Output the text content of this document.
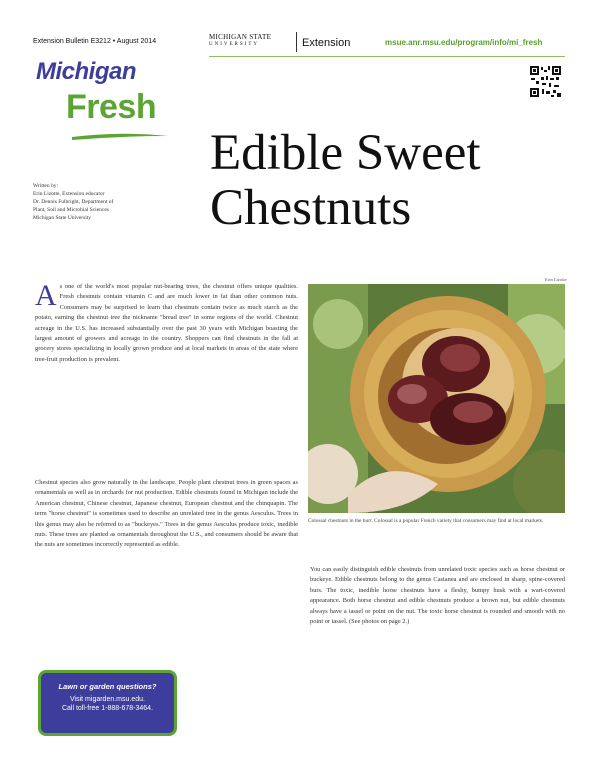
Extension Bulletin E3212 • August 2014
MICHIGAN STATE
UNIVERSITY	Extension	msue.anr.msu.edu/program/info/mi_fresh
Michigan
Fresh
Edible Sweet
Chestnuts
Written by:
Erin Lizotte, Extension educator
Dr. Dennis Fulbright, Department of
Plant, Soil and Microbial Sciences
Michigan State University
Erin Lizotte
As one of the world's most popular nut-bearing trees, the chestnut offers unique qualities. Fresh chestnuts contain vitamin C and are much lower in fat than other common nuts. Consumers may be surprised to learn that chestnuts contain twice as much starch as the potato, earning the chestnut tree the nickname "bread tree" in some regions of the world. Chestnut acreage in the U.S. has increased substantially over the past 30 years with Michigan boasting the largest amount of growers and acreage in the country. Shoppers can find chestnuts in the fall at grocery stores specializing in locally grown produce and at local markets in areas of the state where tree-fruit production is prevalent.
Chestnut species also grow naturally in the landscape. People plant chestnut trees in green spaces as ornamentals as well as in orchards for nut production. Edible chestnuts found in Michigan include the American chestnut, Chinese chestnut, Japanese chestnut, European chestnut and the chinquapin. The term "horse chestnut" is sometimes used to describe an unrelated tree in the genus Aesculus. Trees in this genus may also be referred to as "buckeyes." Trees in the genus Aesculus produce toxic, inedible nuts. These trees are planted as ornamentals throughout the U.S., and consumers should be aware that the nuts are sometimes incorrectly represented as edible.
Colossal chestnuts in the burr. Colossal is a popular French variety that consumers may find at local markets.
You can easily distinguish edible chestnuts from unrelated toxic species such as horse chestnut or buckeye. Edible chestnuts belong to the genus Castanea and are enclosed in sharp, spine-covered burs. The toxic, inedible horse chestnuts have a fleshy, bumpy husk with a wart-covered appearance. Both horse chestnut and edible chestnuts produce a brown nut, but edible chestnuts always have a tassel or point on the nut. The toxic horse chestnut is rounded and smooth with no point or tassel. (See photos on page 2.)
Lawn or garden questions?
Visit migarden.msu.edu.
Call toll-free 1-888-678-3464.
